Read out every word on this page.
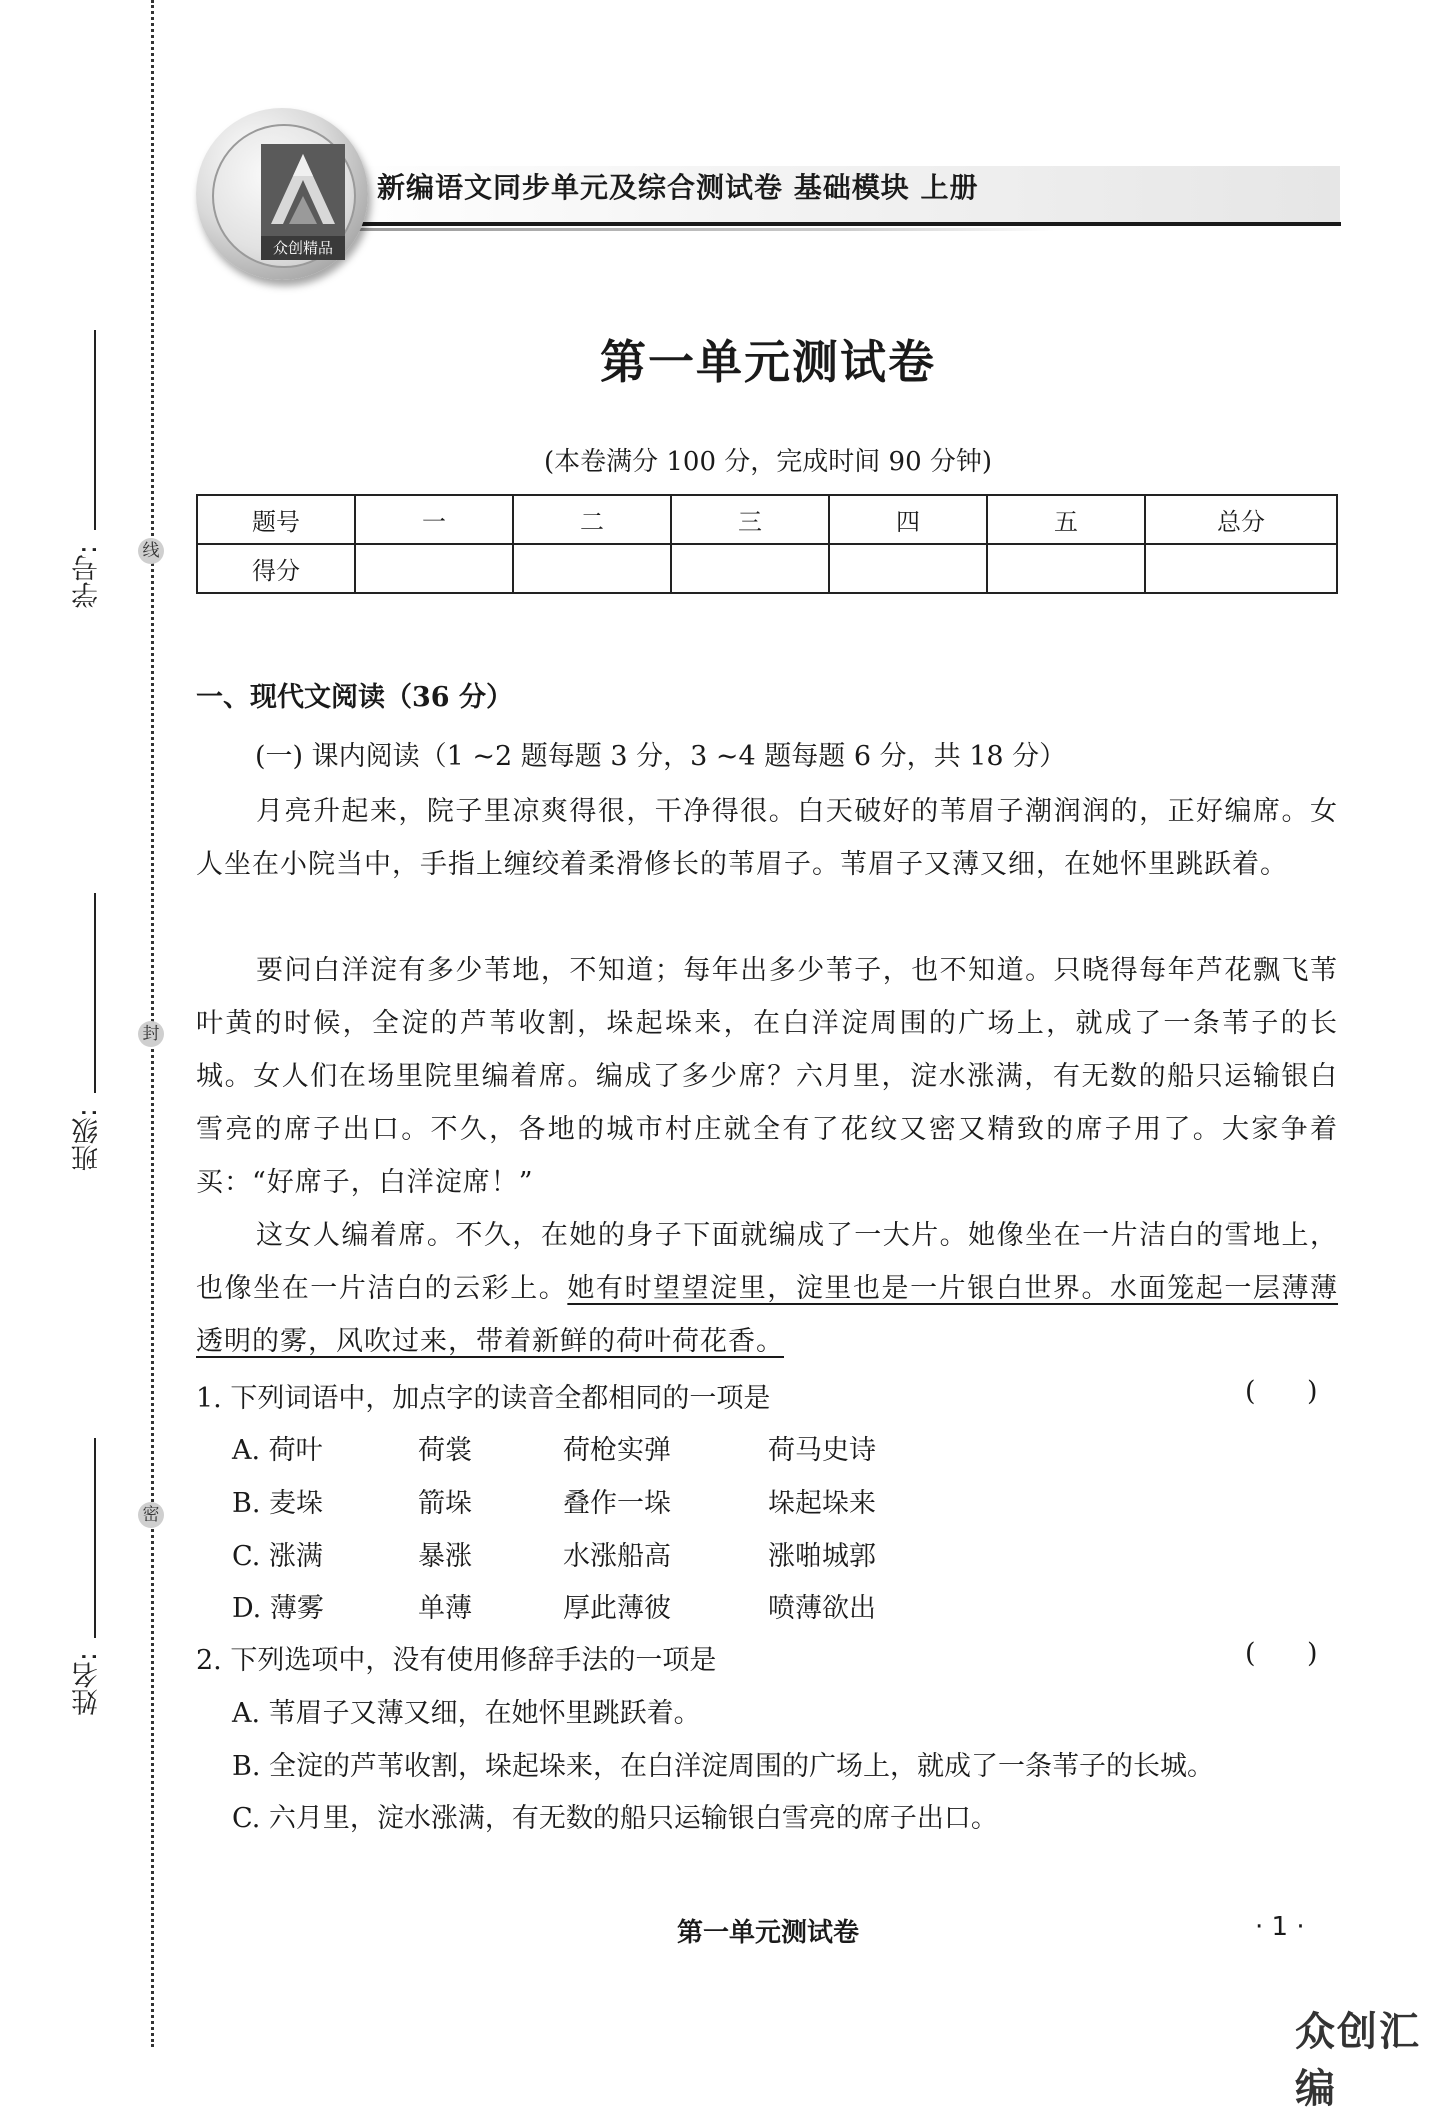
学号: 线
班级:
封
姓名:
密
新编语文同步单元及综合测试卷 基础模块 上册
众创精品
第一单元测试卷
(本卷满分 100 分，完成时间 90 分钟)
题号	一	二	三	四	五	总分
得分						
一、现代文阅读（36 分）
(一) 课内阅读（1 ~2 题每题 3 分，3 ~4 题每题 6 分，共 18 分）
月亮升起来，院子里凉爽得很，干净得很。白天破好的苇眉子潮润润的，正好编席。女人坐在小院当中，手指上缠绞着柔滑修长的苇眉子。苇眉子又薄又细，在她怀里跳跃着。
要问白洋淀有多少苇地，不知道；每年出多少苇子，也不知道。只晓得每年芦花飘飞苇叶黄的时候，全淀的芦苇收割，垛起垛来，在白洋淀周围的广场上，就成了一条苇子的长城。女人们在场里院里编着席。编成了多少席？六月里，淀水涨满，有无数的船只运输银白雪亮的席子出口。不久，各地的城市村庄就全有了花纹又密又精致的席子用了。大家争着买：“好席子，白洋淀席！”
这女人编着席。不久，在她的身子下面就编成了一大片。她像坐在一片洁白的雪地上，也像坐在一片洁白的云彩上。她有时望望淀里，淀里也是一片银白世界。水面笼起一层薄薄透明的雾，风吹过来，带着新鲜的荷叶荷花香。
1. 下列词语中，加点字的读音全都相同的一项是	(      )
A. 荷叶	荷裳	荷枪实弹	荷马史诗
B. 麦垛	箭垛	叠作一垛	垛起垛来
C. 涨满	暴涨	水涨船高	涨啪城郭
D. 薄雾	单薄	厚此薄彼	喷薄欲出
2. 下列选项中，没有使用修辞手法的一项是	(      )
A. 苇眉子又薄又细，在她怀里跳跃着。
B. 全淀的芦苇收割，垛起垛来，在白洋淀周围的广场上，就成了一条苇子的长城。
C. 六月里，淀水涨满，有无数的船只运输银白雪亮的席子出口。
第一单元测试卷	· 1 ·
众创汇编
